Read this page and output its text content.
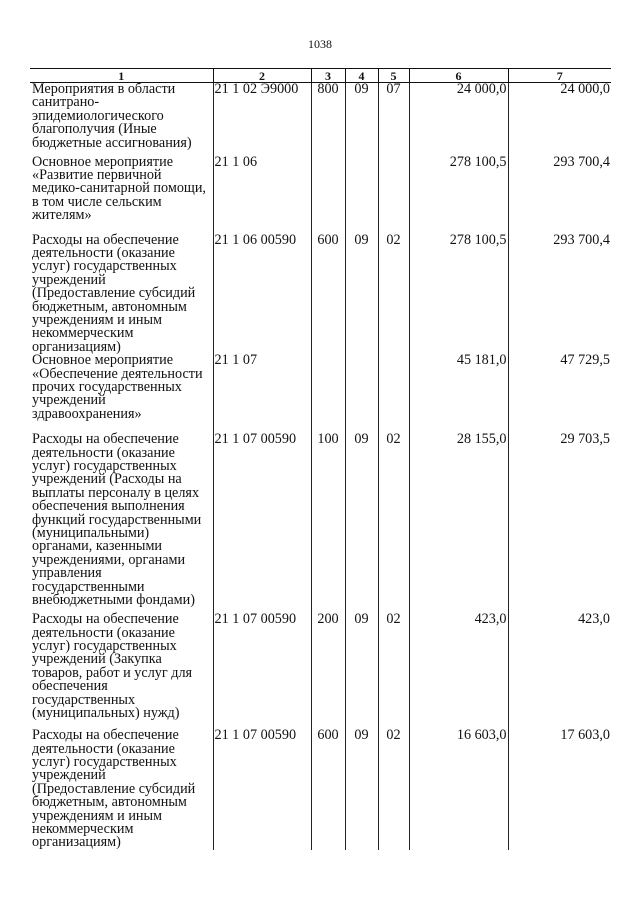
1038
1	2	3	4	5	6	7
Мероприятия в области санитрано-эпидемиологического благополучия (Иные бюджетные ассигнования)	21 1 02 Э9000	800	09	07	24 000,0	24 000,0
Основное мероприятие «Развитие первичной медико-санитарной помощи, в том числе сельским жителям»	21 1 06				278 100,5	293 700,4
Расходы на обеспечение деятельности (оказание услуг) государственных учреждений (Предоставление субсидий бюджетным, автономным учреждениям и иным некоммерческим организациям)	21 1 06 00590	600	09	02	278 100,5	293 700,4
Основное мероприятие «Обеспечение деятельности прочих государственных учреждений здравоохранения»	21 1 07				45 181,0	47 729,5
Расходы на обеспечение деятельности (оказание услуг) государственных учреждений (Расходы на выплаты персоналу в целях обеспечения выполнения функций государственными (муниципальными) органами, казенными учреждениями, органами управления государственными внебюджетными фондами)	21 1 07 00590	100	09	02	28 155,0	29 703,5
Расходы на обеспечение деятельности (оказание услуг) государственных учреждений (Закупка товаров, работ и услуг для обеспечения государственных (муниципальных) нужд)	21 1 07 00590	200	09	02	423,0	423,0
Расходы на обеспечение деятельности (оказание услуг) государственных учреждений (Предоставление субсидий бюджетным, автономным учреждениям и иным некоммерческим организациям)	21 1 07 00590	600	09	02	16 603,0	17 603,0
